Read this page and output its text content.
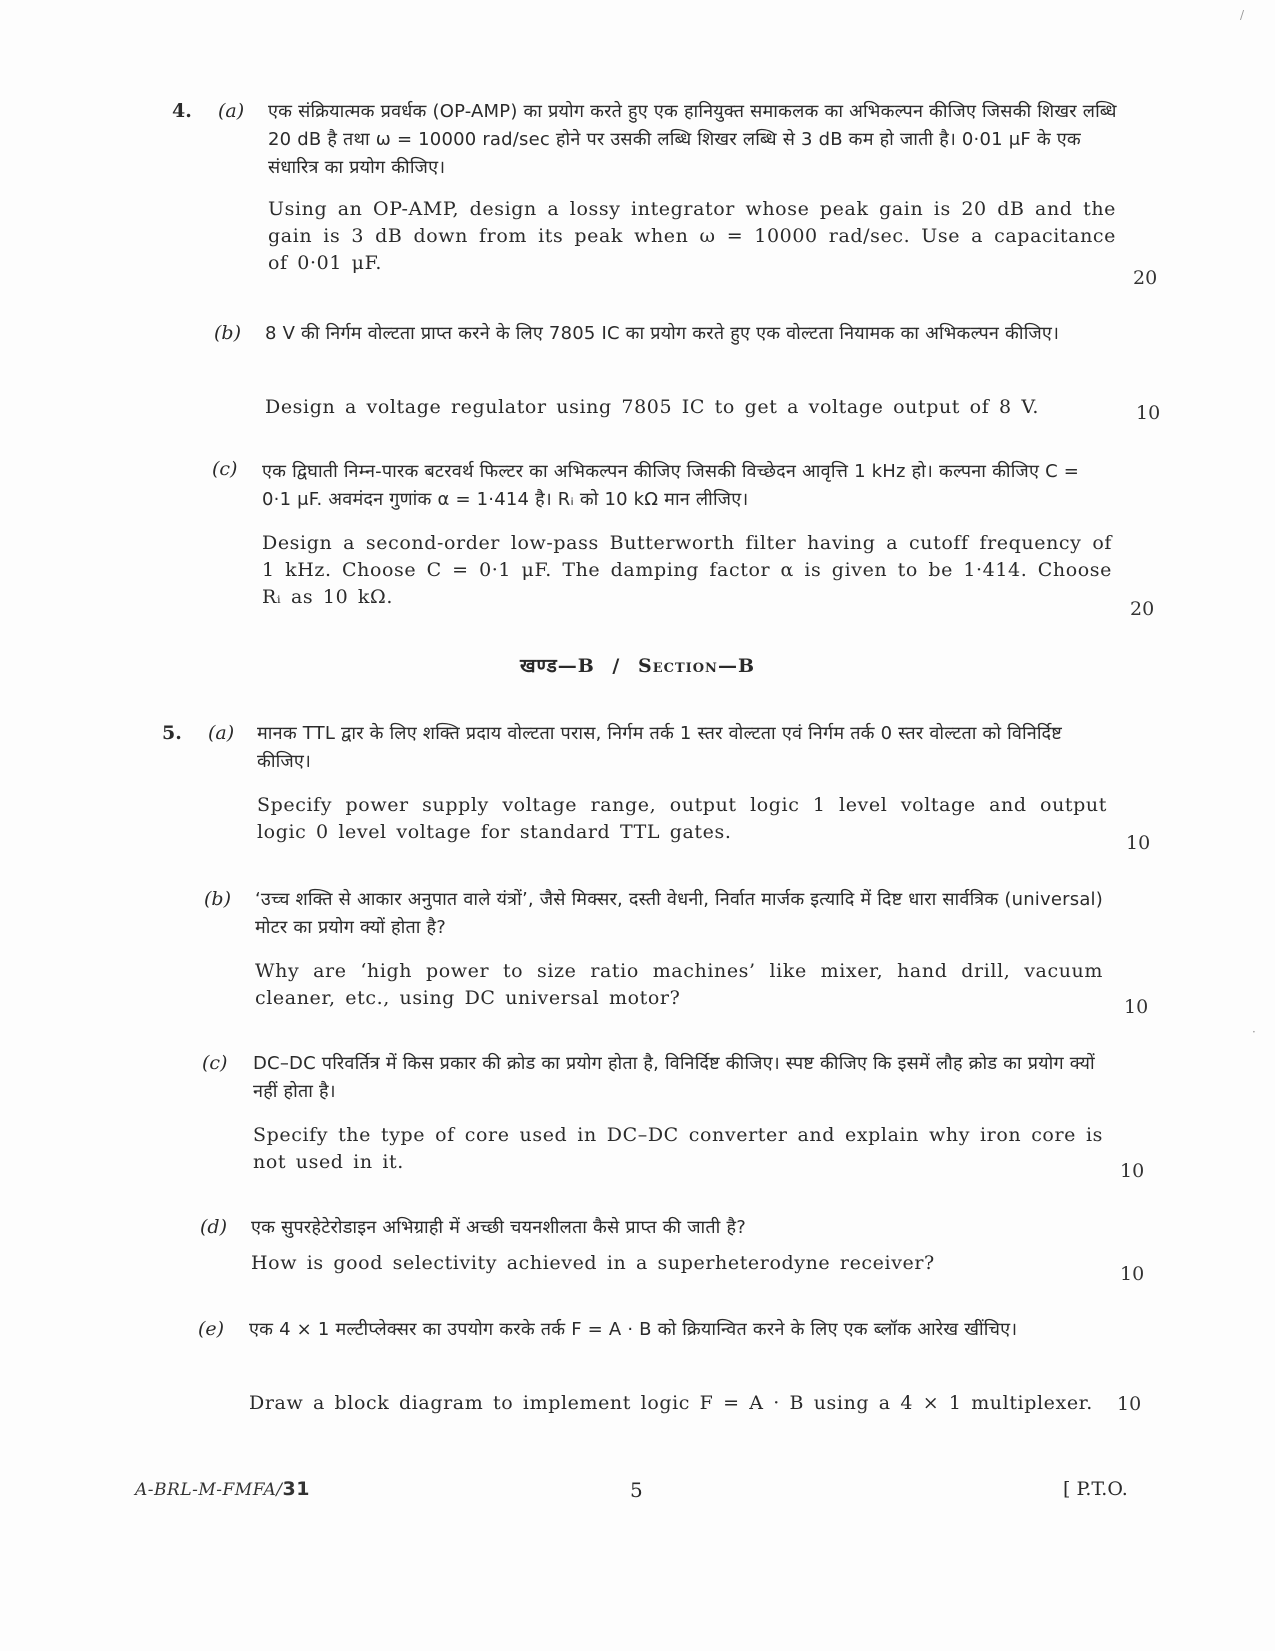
4. (a) एक संक्रियात्मक प्रवर्धक (OP-AMP) का प्रयोग करते हुए एक हानियुक्त समाकलक का अभिकल्पन कीजिए जिसकी शिखर लब्धि 20 dB है तथा ω = 10000 rad/sec होने पर उसकी लब्धि शिखर लब्धि से 3 dB कम हो जाती है। 0·01 μF के एक संधारित्र का प्रयोग कीजिए।
Using an OP-AMP, design a lossy integrator whose peak gain is 20 dB and the gain is 3 dB down from its peak when ω = 10000 rad/sec. Use a capacitance of 0·01 μF.
20
(b) 8 V की निर्गम वोल्टता प्राप्त करने के लिए 7805 IC का प्रयोग करते हुए एक वोल्टता नियामक का अभिकल्पन कीजिए।
Design a voltage regulator using 7805 IC to get a voltage output of 8 V.	10
(c) एक द्विघाती निम्न-पारक बटरवर्थ फिल्टर का अभिकल्पन कीजिए जिसकी विच्छेदन आवृत्ति 1 kHz हो। कल्पना कीजिए C = 0·1 μF. अवमंदन गुणांक α = 1·414 है। Rᵢ को 10 kΩ मान लीजिए।
Design a second-order low-pass Butterworth filter having a cutoff frequency of 1 kHz. Choose C = 0·1 μF. The damping factor α is given to be 1·414. Choose Rᵢ as 10 kΩ.
20
खण्ड—B / Section—B
5. (a) मानक TTL द्वार के लिए शक्ति प्रदाय वोल्टता परास, निर्गम तर्क 1 स्तर वोल्टता एवं निर्गम तर्क 0 स्तर वोल्टता को विनिर्दिष्ट कीजिए।
Specify power supply voltage range, output logic 1 level voltage and output logic 0 level voltage for standard TTL gates.	10
(b) ‘उच्च शक्ति से आकार अनुपात वाले यंत्रों’, जैसे मिक्सर, दस्ती वेधनी, निर्वात मार्जक इत्यादि में दिष्ट धारा सार्वत्रिक (universal) मोटर का प्रयोग क्यों होता है?
Why are ‘high power to size ratio machines’ like mixer, hand drill, vacuum cleaner, etc., using DC universal motor?	10
(c) DC–DC परिवर्तित्र में किस प्रकार की क्रोड का प्रयोग होता है, विनिर्दिष्ट कीजिए। स्पष्ट कीजिए कि इसमें लौह क्रोड का प्रयोग क्यों नहीं होता है।
Specify the type of core used in DC–DC converter and explain why iron core is not used in it.	10
(d) एक सुपरहेटेरोडाइन अभिग्राही में अच्छी चयनशीलता कैसे प्राप्त की जाती है?
How is good selectivity achieved in a superheterodyne receiver?	10
(e) एक 4 × 1 मल्टीप्लेक्सर का उपयोग करके तर्क F = A · B को क्रियान्वित करने के लिए एक ब्लॉक आरेख खींचिए।
Draw a block diagram to implement logic F = A · B using a 4 × 1 multiplexer.	10
A-BRL-M-FMFA/31	5	[ P.T.O.
/
·
